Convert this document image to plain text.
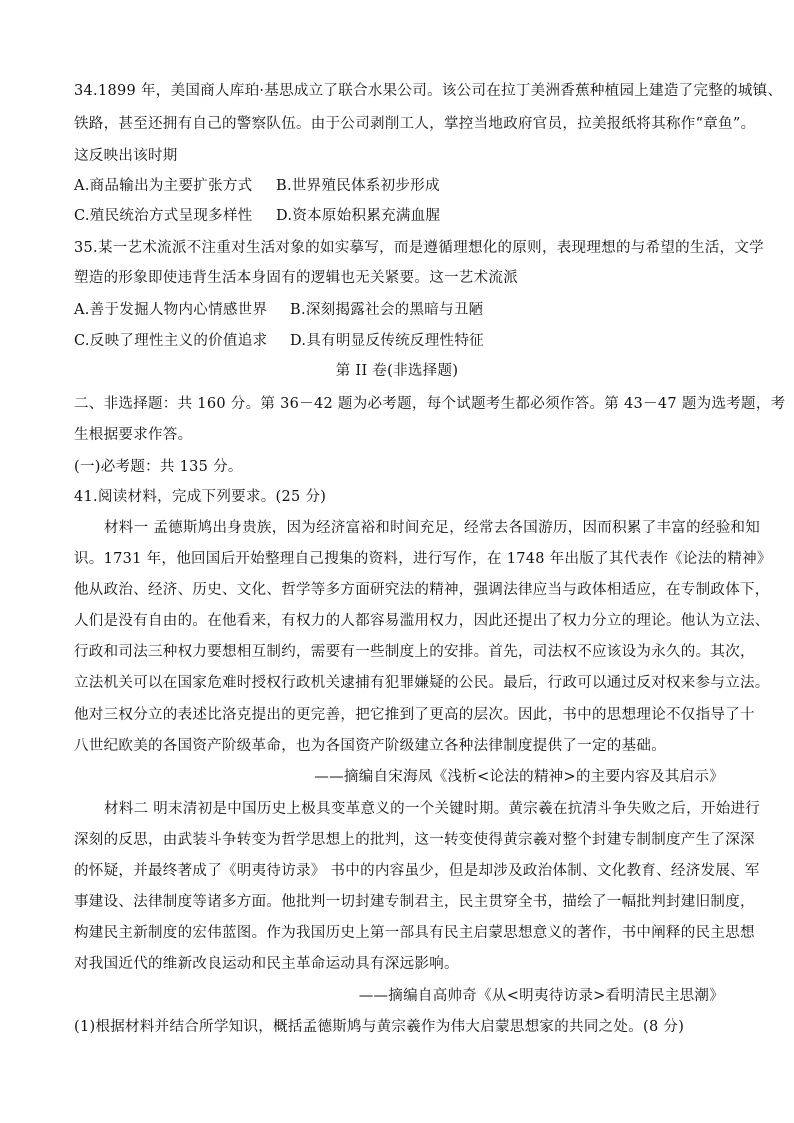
34.1899 年，美国商人库珀·基思成立了联合水果公司。该公司在拉丁美洲香蕉种植园上建造了完整的城镇、
铁路，甚至还拥有自己的警察队伍。由于公司剥削工人，掌控当地政府官员，拉美报纸将其称作“章鱼”。
这反映出该时期
A.商品输出为主要扩张方式 B.世界殖民体系初步形成
C.殖民统治方式呈现多样性 D.资本原始积累充满血腥
35.某一艺术流派不注重对生活对象的如实摹写，而是遵循理想化的原则，表现理想的与希望的生活，文学
塑造的形象即使违背生活本身固有的逻辑也无关紧要。这一艺术流派
A.善于发掘人物内心情感世界 B.深刻揭露社会的黑暗与丑陋
C.反映了理性主义的价值追求 D.具有明显反传统反理性特征
第 II 卷(非选择题)
二、非选择题：共 160 分。第 36－42 题为必考题，每个试题考生都必须作答。第 43－47 题为选考题，考
生根据要求作答。
(一)必考题：共 135 分。
41.阅读材料，完成下列要求。(25 分)
材料一 孟德斯鸠出身贵族，因为经济富裕和时间充足，经常去各国游历，因而积累了丰富的经验和知
识。1731 年，他回国后开始整理自己搜集的资料，进行写作，在 1748 年出版了其代表作《论法的精神》
他从政治、经济、历史、文化、哲学等多方面研究法的精神，强调法律应当与政体相适应，在专制政体下，
人们是没有自由的。在他看来，有权力的人都容易滥用权力，因此还提出了权力分立的理论。他认为立法、
行政和司法三种权力要想相互制约，需要有一些制度上的安排。首先，司法权不应该设为永久的。其次，
立法机关可以在国家危难时授权行政机关逮捕有犯罪嫌疑的公民。最后，行政可以通过反对权来参与立法。
他对三权分立的表述比洛克提出的更完善，把它推到了更高的层次。因此，书中的思想理论不仅指导了十
八世纪欧美的各国资产阶级革命，也为各国资产阶级建立各种法律制度提供了一定的基础。
——摘编自宋海凤《浅析<论法的精神>的主要内容及其启示》
材料二 明末清初是中国历史上极具变革意义的一个关键时期。黄宗羲在抗清斗争失败之后，开始进行
深刻的反思，由武装斗争转变为哲学思想上的批判，这一转变使得黄宗羲对整个封建专制制度产生了深深
的怀疑，并最终著成了《明夷待访录》 书中的内容虽少，但是却涉及政治体制、文化教育、经济发展、军
事建设、法律制度等诸多方面。他批判一切封建专制君主，民主贯穿全书，描绘了一幅批判封建旧制度，
构建民主新制度的宏伟蓝图。作为我国历史上第一部具有民主启蒙思想意义的著作，书中阐释的民主思想
对我国近代的维新改良运动和民主革命运动具有深远影响。
——摘编自高帅奇《从<明夷待访录>看明清民主思潮》
(1)根据材料并结合所学知识，概括孟德斯鸠与黄宗羲作为伟大启蒙思想家的共同之处。(8 分)
